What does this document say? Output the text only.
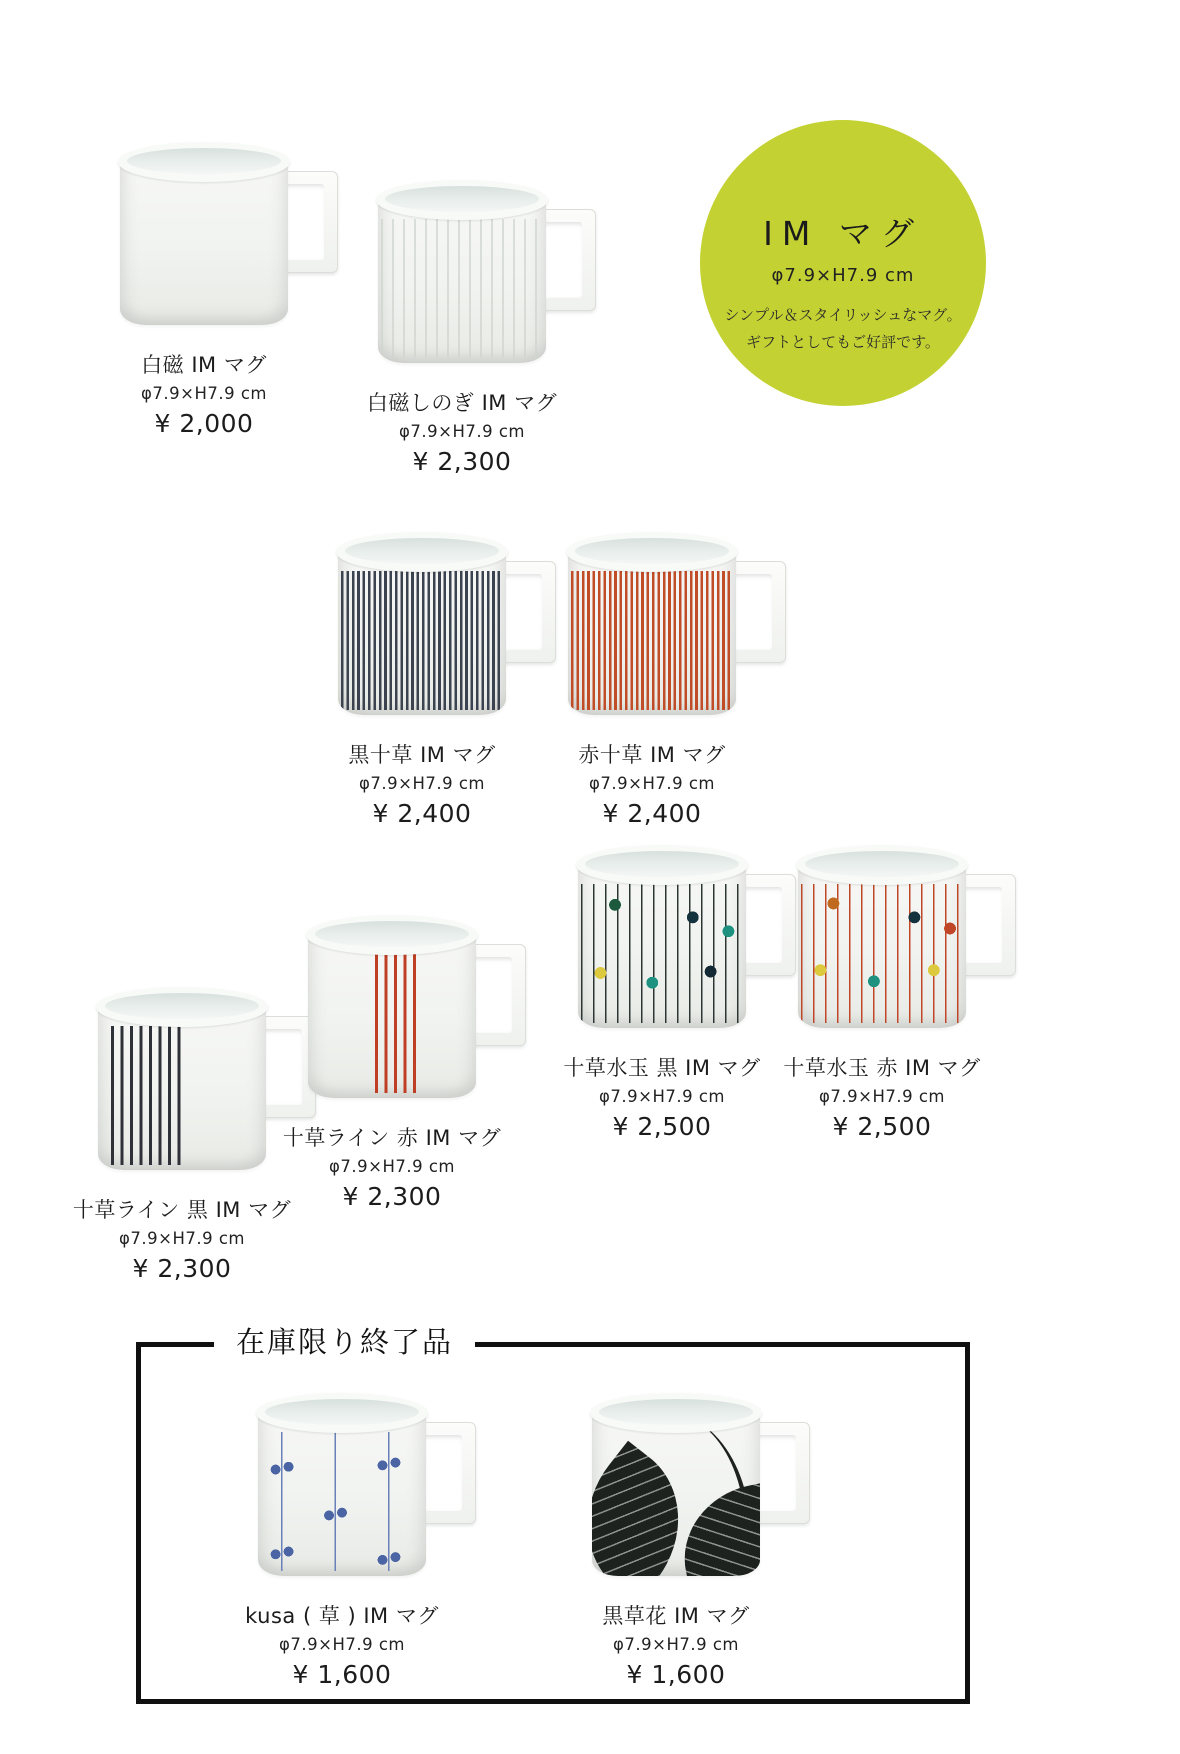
白磁 IM マグ
φ7.9×H7.9 cm
¥ 2,000
白磁しのぎ IM マグ
φ7.9×H7.9 cm
¥ 2,300
IM マグ
φ7.9×H7.9 cm
シンプル＆スタイリッシュなマグ。
ギフトとしてもご好評です。
黒十草 IM マグ
φ7.9×H7.9 cm
¥ 2,400
赤十草 IM マグ
φ7.9×H7.9 cm
¥ 2,400
十草水玉 黒 IM マグ
φ7.9×H7.9 cm
¥ 2,500
十草水玉 赤 IM マグ
φ7.9×H7.9 cm
¥ 2,500
十草ライン 赤 IM マグ
φ7.9×H7.9 cm
¥ 2,300
十草ライン 黒 IM マグ
φ7.9×H7.9 cm
¥ 2,300
在庫限り終了品
kusa ( 草 ) IM マグ
φ7.9×H7.9 cm
¥ 1,600
黒草花 IM マグ
φ7.9×H7.9 cm
¥ 1,600
